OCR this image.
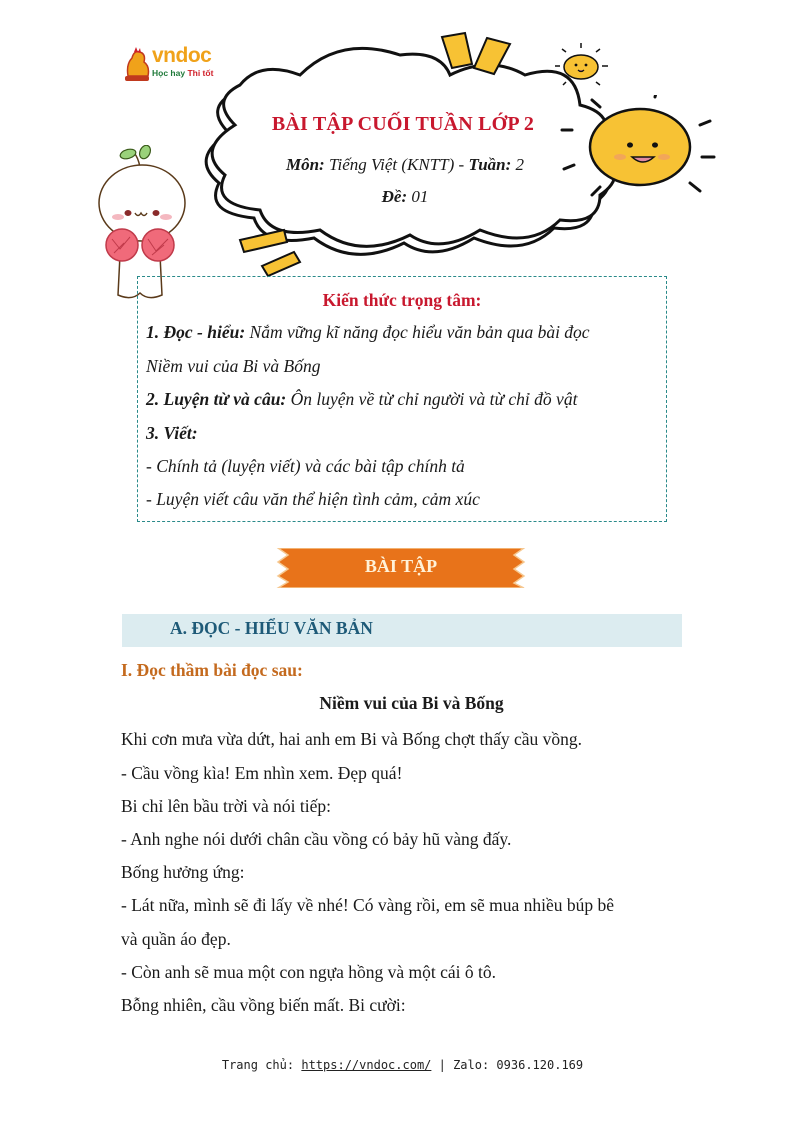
vndoc
Học hay Thi tốt
BÀI TẬP CUỐI TUẦN LỚP 2
Môn: Tiếng Việt (KNTT) - Tuần: 2
Đề: 01
Kiến thức trọng tâm:
1. Đọc - hiểu: Nắm vững kĩ năng đọc hiểu văn bản qua bài đọc
Niềm vui của Bi và Bống
2. Luyện từ và câu: Ôn luyện về từ chỉ người và từ chỉ đồ vật
3. Viết:
- Chính tả (luyện viết) và các bài tập chính tả
- Luyện viết câu văn thể hiện tình cảm, cảm xúc
BÀI TẬP
A. ĐỌC - HIỂU VĂN BẢN
I. Đọc thầm bài đọc sau:
Niềm vui của Bi và Bống
Khi cơn mưa vừa dứt, hai anh em Bi và Bống chợt thấy cầu vồng.
- Cầu vồng kìa! Em nhìn xem. Đẹp quá!
Bi chỉ lên bầu trời và nói tiếp:
- Anh nghe nói dưới chân cầu vồng có bảy hũ vàng đấy.
Bống hưởng ứng:
- Lát nữa, mình sẽ đi lấy về nhé! Có vàng rồi, em sẽ mua nhiều búp bê
và quần áo đẹp.
- Còn anh sẽ mua một con ngựa hồng và một cái ô tô.
Bỗng nhiên, cầu vồng biến mất. Bi cười:
Trang chủ: https://vndoc.com/ | Zalo: 0936.120.169
